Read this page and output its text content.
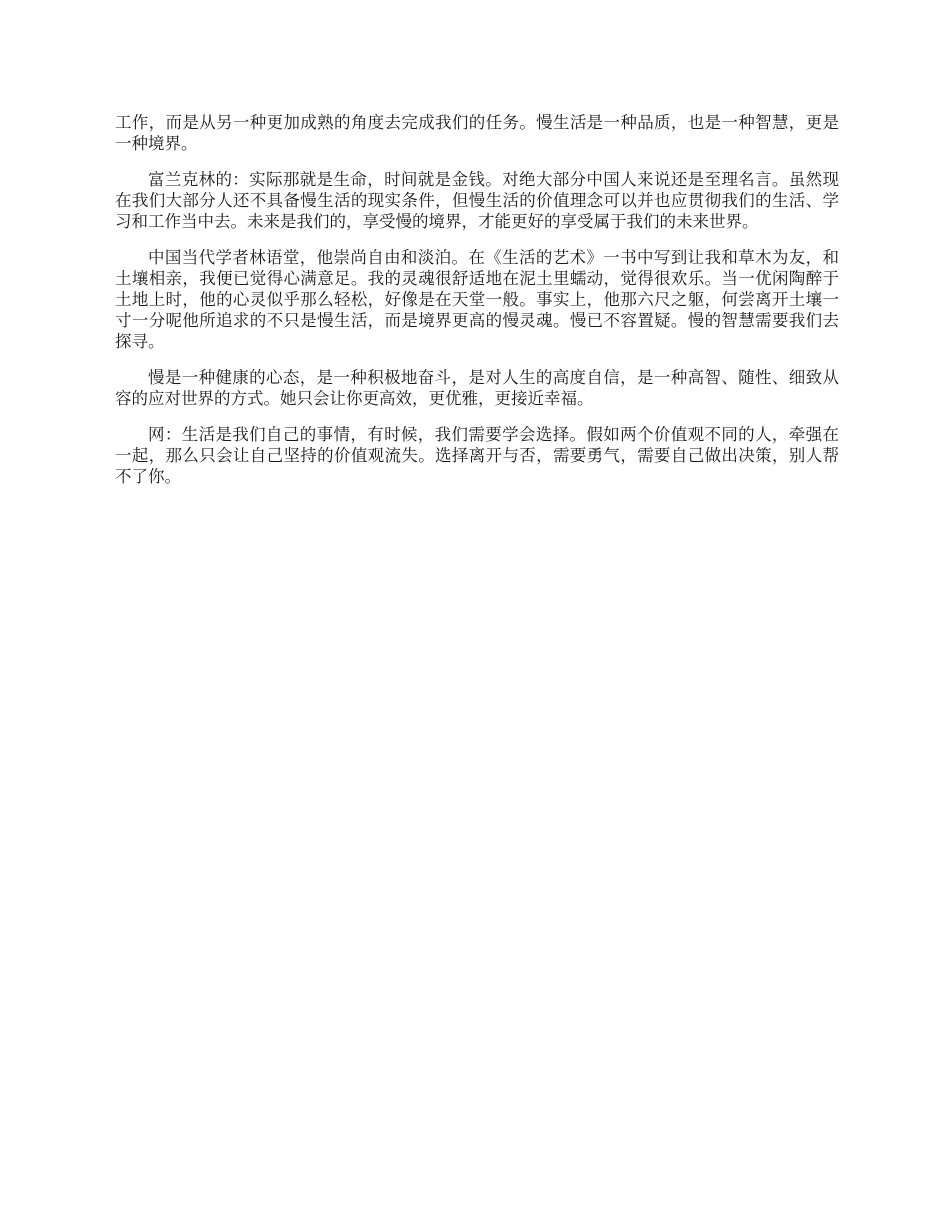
工作，而是从另一种更加成熟的角度去完成我们的任务。慢生活是一种品质，也是一种智慧，更是一种境界。

富兰克林的：实际那就是生命，时间就是金钱。对绝大部分中国人来说还是至理名言。虽然现在我们大部分人还不具备慢生活的现实条件，但慢生活的价值理念可以并也应贯彻我们的生活、学习和工作当中去。未来是我们的，享受慢的境界，才能更好的享受属于我们的未来世界。

中国当代学者林语堂，他崇尚自由和淡泊。在《生活的艺术》一书中写到让我和草木为友，和土壤相亲，我便已觉得心满意足。我的灵魂很舒适地在泥土里蠕动，觉得很欢乐。当一优闲陶醉于土地上时，他的心灵似乎那么轻松，好像是在天堂一般。事实上，他那六尺之躯，何尝离开土壤一寸一分呢他所追求的不只是慢生活，而是境界更高的慢灵魂。慢已不容置疑。慢的智慧需要我们去探寻。

慢是一种健康的心态，是一种积极地奋斗，是对人生的高度自信，是一种高智、随性、细致从容的应对世界的方式。她只会让你更高效，更优雅，更接近幸福。

网：生活是我们自己的事情，有时候，我们需要学会选择。假如两个价值观不同的人，牵强在一起，那么只会让自己坚持的价值观流失。选择离开与否，需要勇气，需要自己做出决策，别人帮不了你。
